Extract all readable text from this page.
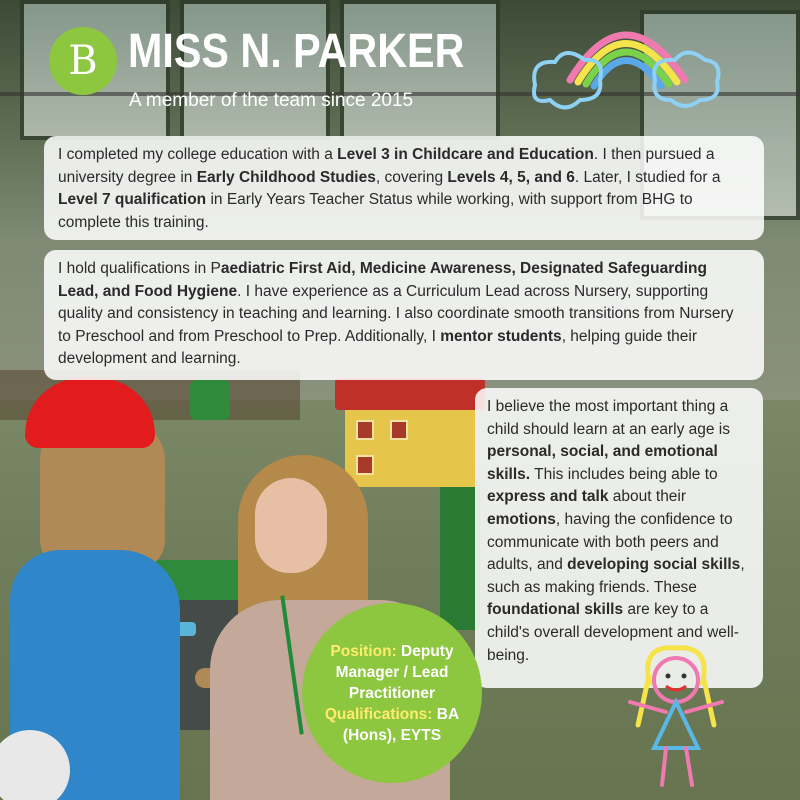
B MISS N. PARKER
A member of the team since 2015

I completed my college education with a Level 3 in Childcare and Education. I then pursued a university degree in Early Childhood Studies, covering Levels 4, 5, and 6. Later, I studied for a Level 7 qualification in Early Years Teacher Status while working, with support from BHG to complete this training.

I hold qualifications in Paediatric First Aid, Medicine Awareness, Designated Safeguarding Lead, and Food Hygiene. I have experience as a Curriculum Lead across Nursery, supporting quality and consistency in teaching and learning. I also coordinate smooth transitions from Nursery to Preschool and from Preschool to Prep. Additionally, I mentor students, helping guide their development and learning.

I believe the most important thing a child should learn at an early age is personal, social, and emotional skills. This includes being able to express and talk about their emotions, having the confidence to communicate with both peers and adults, and developing social skills, such as making friends. These foundational skills are key to a child's overall development and well-being.

Position: Deputy Manager / Lead Practitioner
Qualifications: BA (Hons), EYTS
